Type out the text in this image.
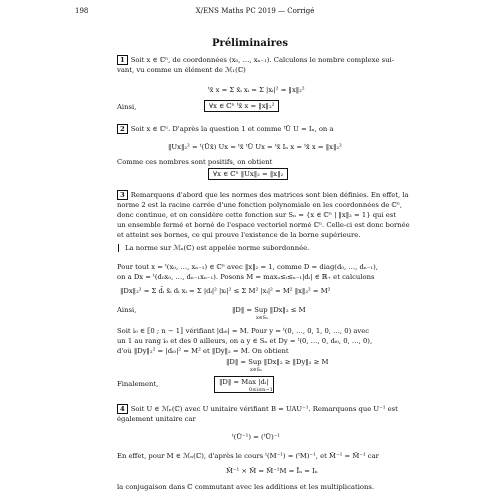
198	X/ENS Maths PC 2019 — Corrigé
Préliminaires
1 Soit x ∈ ℂⁿ, de coordonnées (x₀, …, xₙ₋₁). Calculons le nombre complexe sui-
vant, vu comme un élément de ℳ₁(ℂ)
ᵗx̄ x = Σ x̄ᵢ xᵢ = Σ |xᵢ|² = ‖x‖₂²
Ainsi,	∀x ∈ ℂⁿ ᵗx̄ x = ‖x‖₂²
2 Soit x ∈ ℂⁿ. D'après la question 1 et comme ᵗŪ U = Iₙ, on a
‖Ux‖₂² = ᵗ(Ūx̄) Ux = ᵗx̄ ᵗŪ Ux = ᵗx̄ Iₙ x = ᵗx̄ x = ‖x‖₂²
Comme ces nombres sont positifs, on obtient
∀x ∈ ℂⁿ ‖Ux‖₂ = ‖x‖₂
3 Remarquons d'abord que les normes des matrices sont bien définies. En effet, la
norme 2 est la racine carrée d'une fonction polynomiale en les coordonnées de ℂⁿ,
donc continue, et on considère cette fonction sur Sₙ = {x ∈ ℂⁿ | ‖x‖₂ = 1} qui est
un ensemble fermé et borné de l'espace vectoriel normé ℂⁿ. Celle-ci est donc bornée
et atteint ses bornes, ce qui prouve l'existence de la borne supérieure.
La norme sur ℳₙ(ℂ) est appelée norme subordonnée.
Pour tout x = ᵗ(x₀, …, xₙ₋₁) ∈ ℂⁿ avec ‖x‖₂ = 1, comme D = diag(d₀, …, dₙ₋₁),
on a Dx = ᵗ(d₀x₀, …, dₙ₋₁xₙ₋₁). Posons M = maxₒ≤ᵢ≤ₙ₋₁|dᵢ| ∈ ℝ₊ et calculons
‖Dx‖₂² = Σ d̄ᵢ x̄ᵢ dᵢ xᵢ = Σ |dᵢ|² |xᵢ|² ≤ Σ M² |xᵢ|² = M² ‖x‖₂² = M²
Ainsi,	‖D‖ = Sup ‖Dx‖₂ ≤ M
x∈Sₙ
Soit i₀ ∈ ⟦0 ; n − 1⟧ vérifiant |dᵢ₀| = M. Pour y = ᵗ(0, …, 0, 1, 0, …, 0) avec
un 1 au rang i₀ et des 0 ailleurs, on a y ∈ Sₙ et Dy = ᵗ(0, …, 0, dᵢ₀, 0, …, 0),
d'où ‖Dy‖₂² = |dᵢ₀|² = M² et ‖Dy‖₂ = M. On obtient
‖D‖ = Sup ‖Dx‖₂ ≥ ‖Dy‖₂ ≥ M
x∈Sₙ
Finalement,	‖D‖ = Max |dᵢ|
0≤i≤n−1
4 Soit U ∈ ℳₙ(ℂ) avec U unitaire vérifiant B = UAU⁻¹. Remarquons que U⁻¹ est
également unitaire car
ᵗ(Ū⁻¹) = (ᵗŪ)⁻¹
En effet, pour M ∈ ℳₙ(ℂ), d'après le cours ᵗ(M⁻¹) = (ᵗM)⁻¹, et M̄⁻¹ = M̄⁻¹ car
M̄⁻¹ × M̄ = M̄⁻¹M = Īₙ = Iₙ
la conjugaison dans ℂ commutant avec les additions et les multiplications.
